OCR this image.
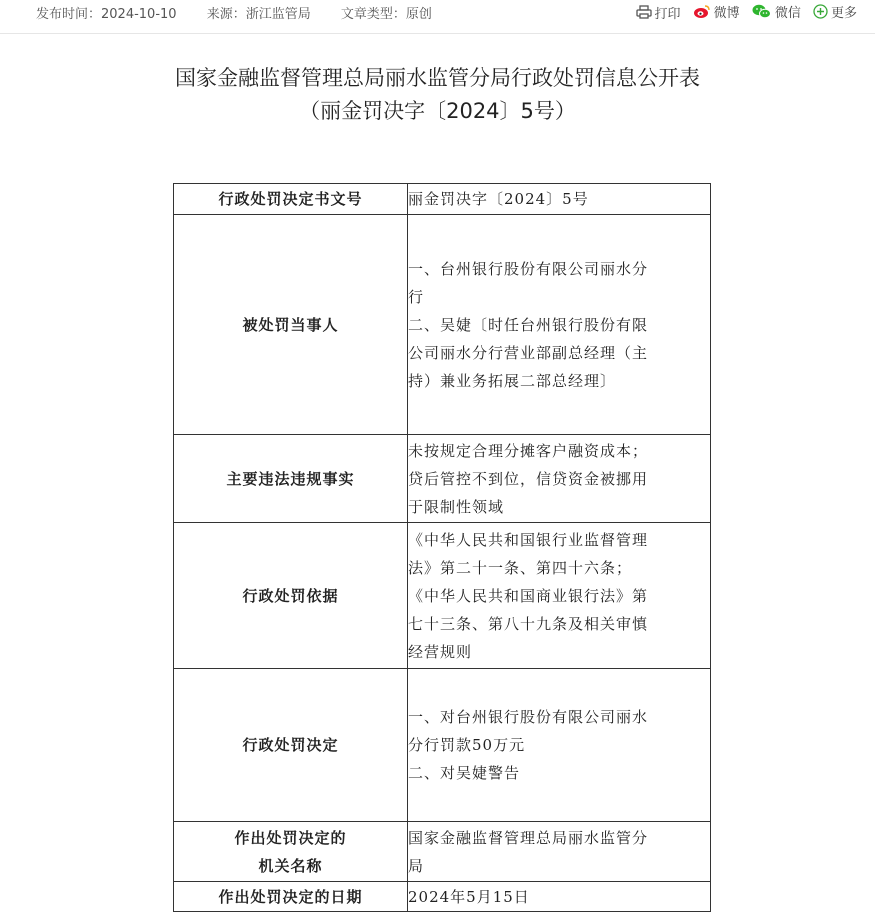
发布时间：2024-10-10 来源：浙江监管局 文章类型：原创	打印
	微博
	微信
更多
国家金融监督管理总局丽水监管分局行政处罚信息公开表
（丽金罚决字〔2024〕5号）
行政处罚决定书文号	丽金罚决字〔2024〕5号

被处罚当事人	一、台州银行股份有限公司丽水分
行
二、吴婕〔时任台州银行股份有限
公司丽水分行营业部副总经理（主
持）兼业务拓展二部总经理〕

主要违法违规事实	未按规定合理分摊客户融资成本；
贷后管控不到位，信贷资金被挪用
于限制性领域

行政处罚依据	《中华人民共和国银行业监督管理
法》第二十一条、第四十六条；
《中华人民共和国商业银行法》第
七十三条、第八十九条及相关审慎
经营规则

行政处罚决定	一、对台州银行股份有限公司丽水
分行罚款50万元
二、对吴婕警告

作出处罚决定的
机关名称	国家金融监督管理总局丽水监管分
局

作出处罚决定的日期	2024年5月15日
